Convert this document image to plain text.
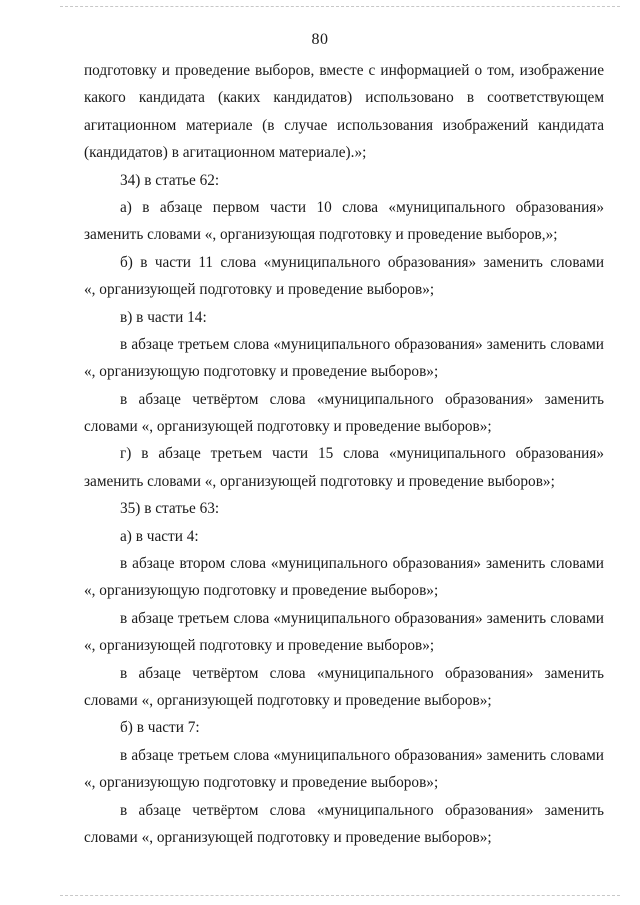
80
подготовку и проведение выборов, вместе с информацией о том, изображение
какого кандидата (каких кандидатов) использовано в соответствующем
агитационном материале (в случае использования изображений кандидата
(кандидатов) в агитационном материале).»;
34) в статье 62:
а) в абзаце первом части 10 слова «муниципального образования»
заменить словами «, организующая подготовку и проведение выборов,»;
б) в части 11 слова «муниципального образования» заменить словами
«, организующей подготовку и проведение выборов»;
в) в части 14:
в абзаце третьем слова «муниципального образования» заменить словами
«, организующую подготовку и проведение выборов»;
в абзаце четвёртом слова «муниципального образования» заменить
словами «, организующей подготовку и проведение выборов»;
г) в абзаце третьем части 15 слова «муниципального образования»
заменить словами «, организующей подготовку и проведение выборов»;
35) в статье 63:
а) в части 4:
в абзаце втором слова «муниципального образования» заменить словами
«, организующую подготовку и проведение выборов»;
в абзаце третьем слова «муниципального образования» заменить словами
«, организующей подготовку и проведение выборов»;
в абзаце четвёртом слова «муниципального образования» заменить
словами «, организующей подготовку и проведение выборов»;
б) в части 7:
в абзаце третьем слова «муниципального образования» заменить словами
«, организующую подготовку и проведение выборов»;
в абзаце четвёртом слова «муниципального образования» заменить
словами «, организующей подготовку и проведение выборов»;
